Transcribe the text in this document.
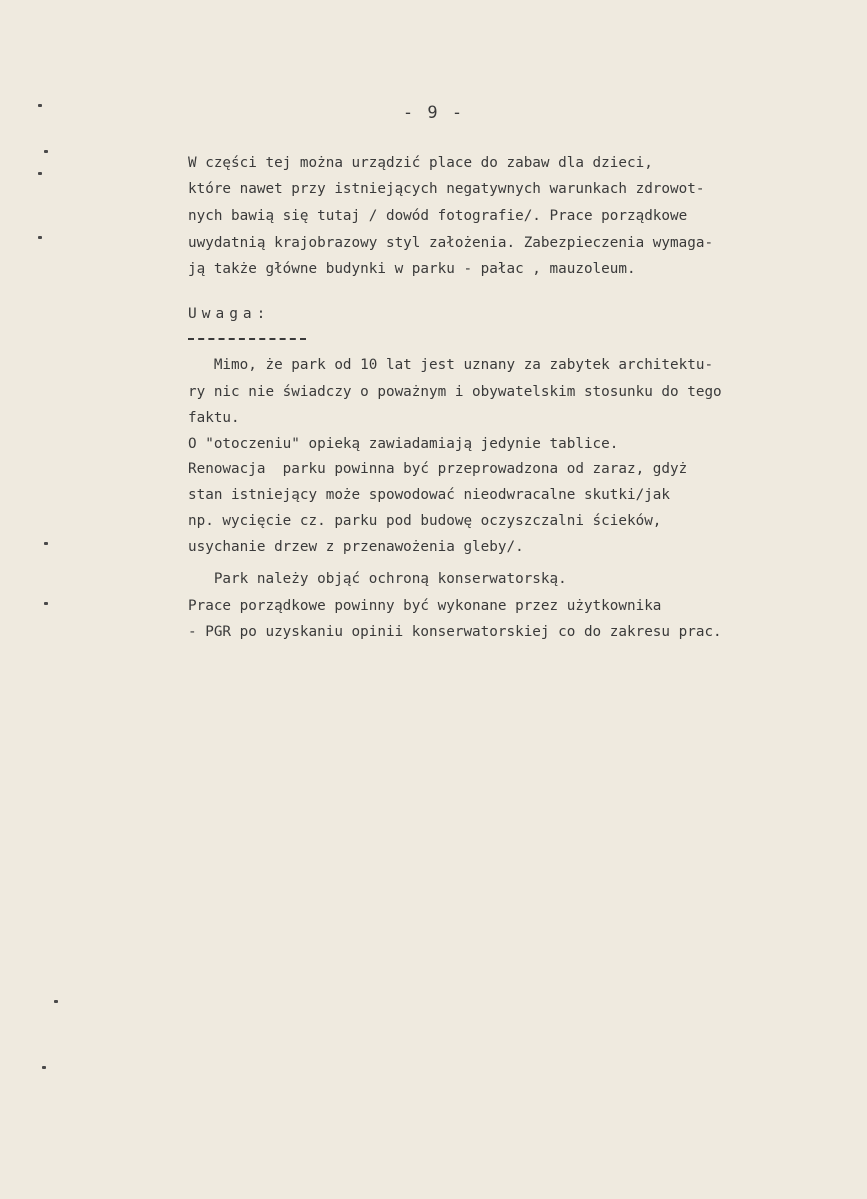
- 9 -
W części tej można urządzić place do zabaw dla dzieci,
które nawet przy istniejących negatywnych warunkach zdrowot-
nych bawią się tutaj / dowód fotografie/. Prace porządkowe
uwydatnią krajobrazowy styl założenia. Zabezpieczenia wymaga-
ją także główne budynki w parku - pałac , mauzoleum.
Uwaga:
Mimo, że park od 10 lat jest uznany za zabytek architektu-
ry nic nie świadczy o poważnym i obywatelskim stosunku do tego
faktu.
O "otoczeniu" opieką zawiadamiają jedynie tablice.
Renowacja  parku powinna być przeprowadzona od zaraz, gdyż
stan istniejący może spowodować nieodwracalne skutki/jak
np. wycięcie cz. parku pod budowę oczyszczalni ścieków,
usychanie drzew z przenawożenia gleby/.
Park należy objąć ochroną konserwatorską.
Prace porządkowe powinny być wykonane przez użytkownika
- PGR po uzyskaniu opinii konserwatorskiej co do zakresu prac.
